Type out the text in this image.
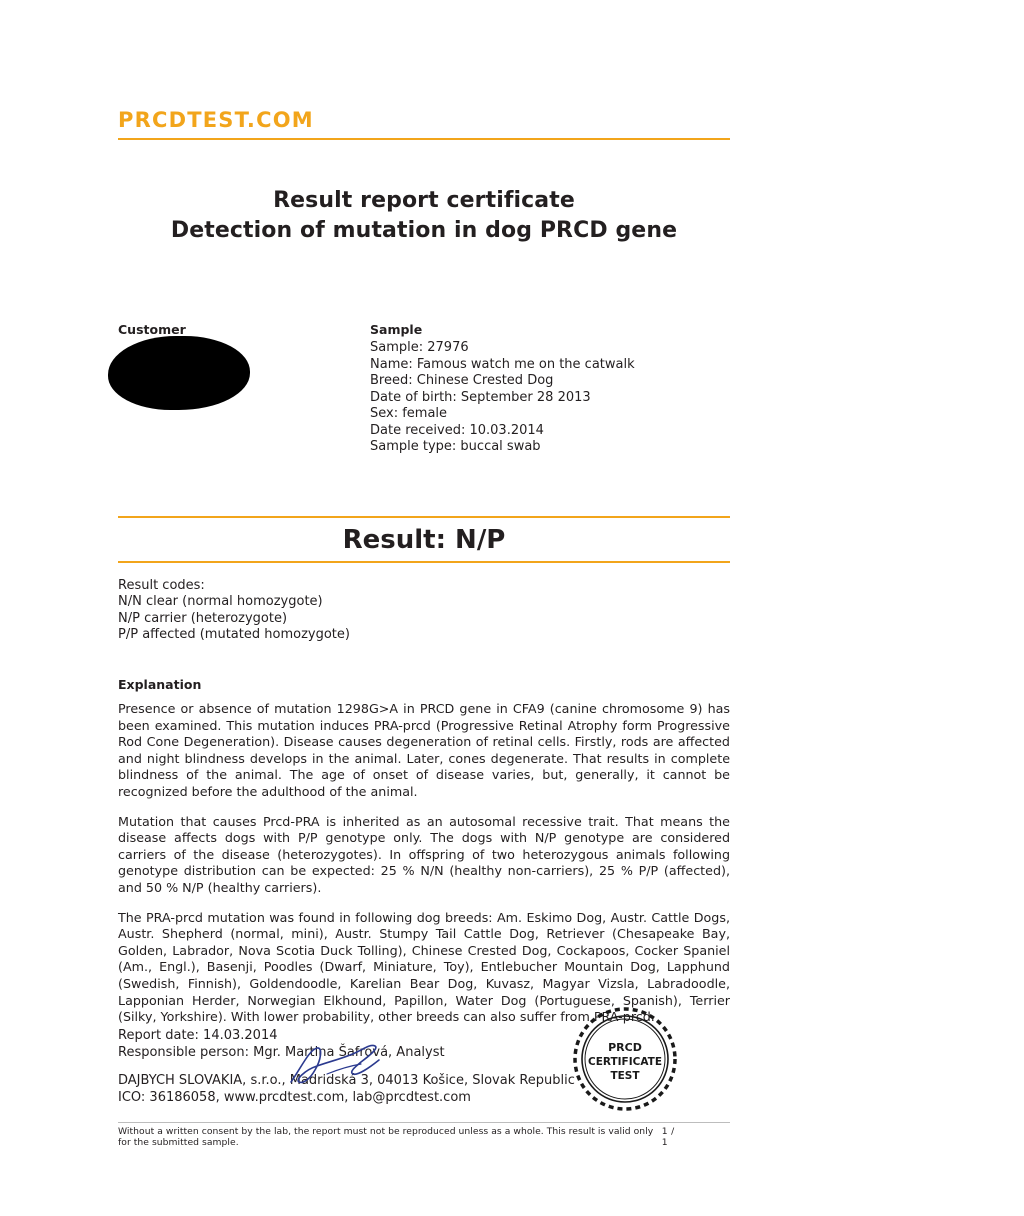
PRCDTEST.COM
Result report certificate
Detection of mutation in dog PRCD gene
Customer	Sample
Sample: 27976
Name: Famous watch me on the catwalk
Breed: Chinese Crested Dog
Date of birth: September 28 2013
Sex: female
Date received: 10.03.2014
Sample type: buccal swab
Result: N/P
Result codes:
N/N clear (normal homozygote)
N/P carrier (heterozygote)
P/P affected (mutated homozygote)
Explanation

Presence or absence of mutation 1298G>A in PRCD gene in CFA9 (canine chromosome 9) has been examined. This mutation induces PRA-prcd (Progressive Retinal Atrophy form Progressive Rod Cone Degeneration). Disease causes degeneration of retinal cells. Firstly, rods are affected and night blindness develops in the animal. Later, cones degenerate. That results in complete blindness of the animal. The age of onset of disease varies, but, generally, it cannot be recognized before the adulthood of the animal.

Mutation that causes Prcd-PRA is inherited as an autosomal recessive trait. That means the disease affects dogs with P/P genotype only. The dogs with N/P genotype are considered carriers of the disease (heterozygotes). In offspring of two heterozygous animals following genotype distribution can be expected: 25 % N/N (healthy non-carriers), 25 % P/P (affected), and 50 % N/P (healthy carriers).

The PRA-prcd mutation was found in following dog breeds: Am. Eskimo Dog, Austr. Cattle Dogs, Austr. Shepherd (normal, mini), Austr. Stumpy Tail Cattle Dog, Retriever (Chesapeake Bay, Golden, Labrador, Nova Scotia Duck Tolling), Chinese Crested Dog, Cockapoos, Cocker Spaniel (Am., Engl.), Basenji, Poodles (Dwarf, Miniature, Toy), Entlebucher Mountain Dog, Lapphund (Swedish, Finnish), Goldendoodle, Karelian Bear Dog, Kuvasz, Magyar Vizsla, Labradoodle, Lapponian Herder, Norwegian Elkhound, Papillon, Water Dog (Portuguese, Spanish), Terrier (Silky, Yorkshire). With lower probability, other breeds can also suffer from PRA-prcd.

Report date: 14.03.2014
Responsible person: Mgr. Martina Šafrová, Analyst
DAJBYCH SLOVAKIA, s.r.o., Madridská 3, 04013 Košice, Slovak Republic
ICO: 36186058, www.prcdtest.com, lab@prcdtest.com
PRCD
CERTIFICATE
TEST
Without a written consent by the lab, the report must not be reproduced unless as a whole. This result is valid only for the submitted sample.
1 / 1
